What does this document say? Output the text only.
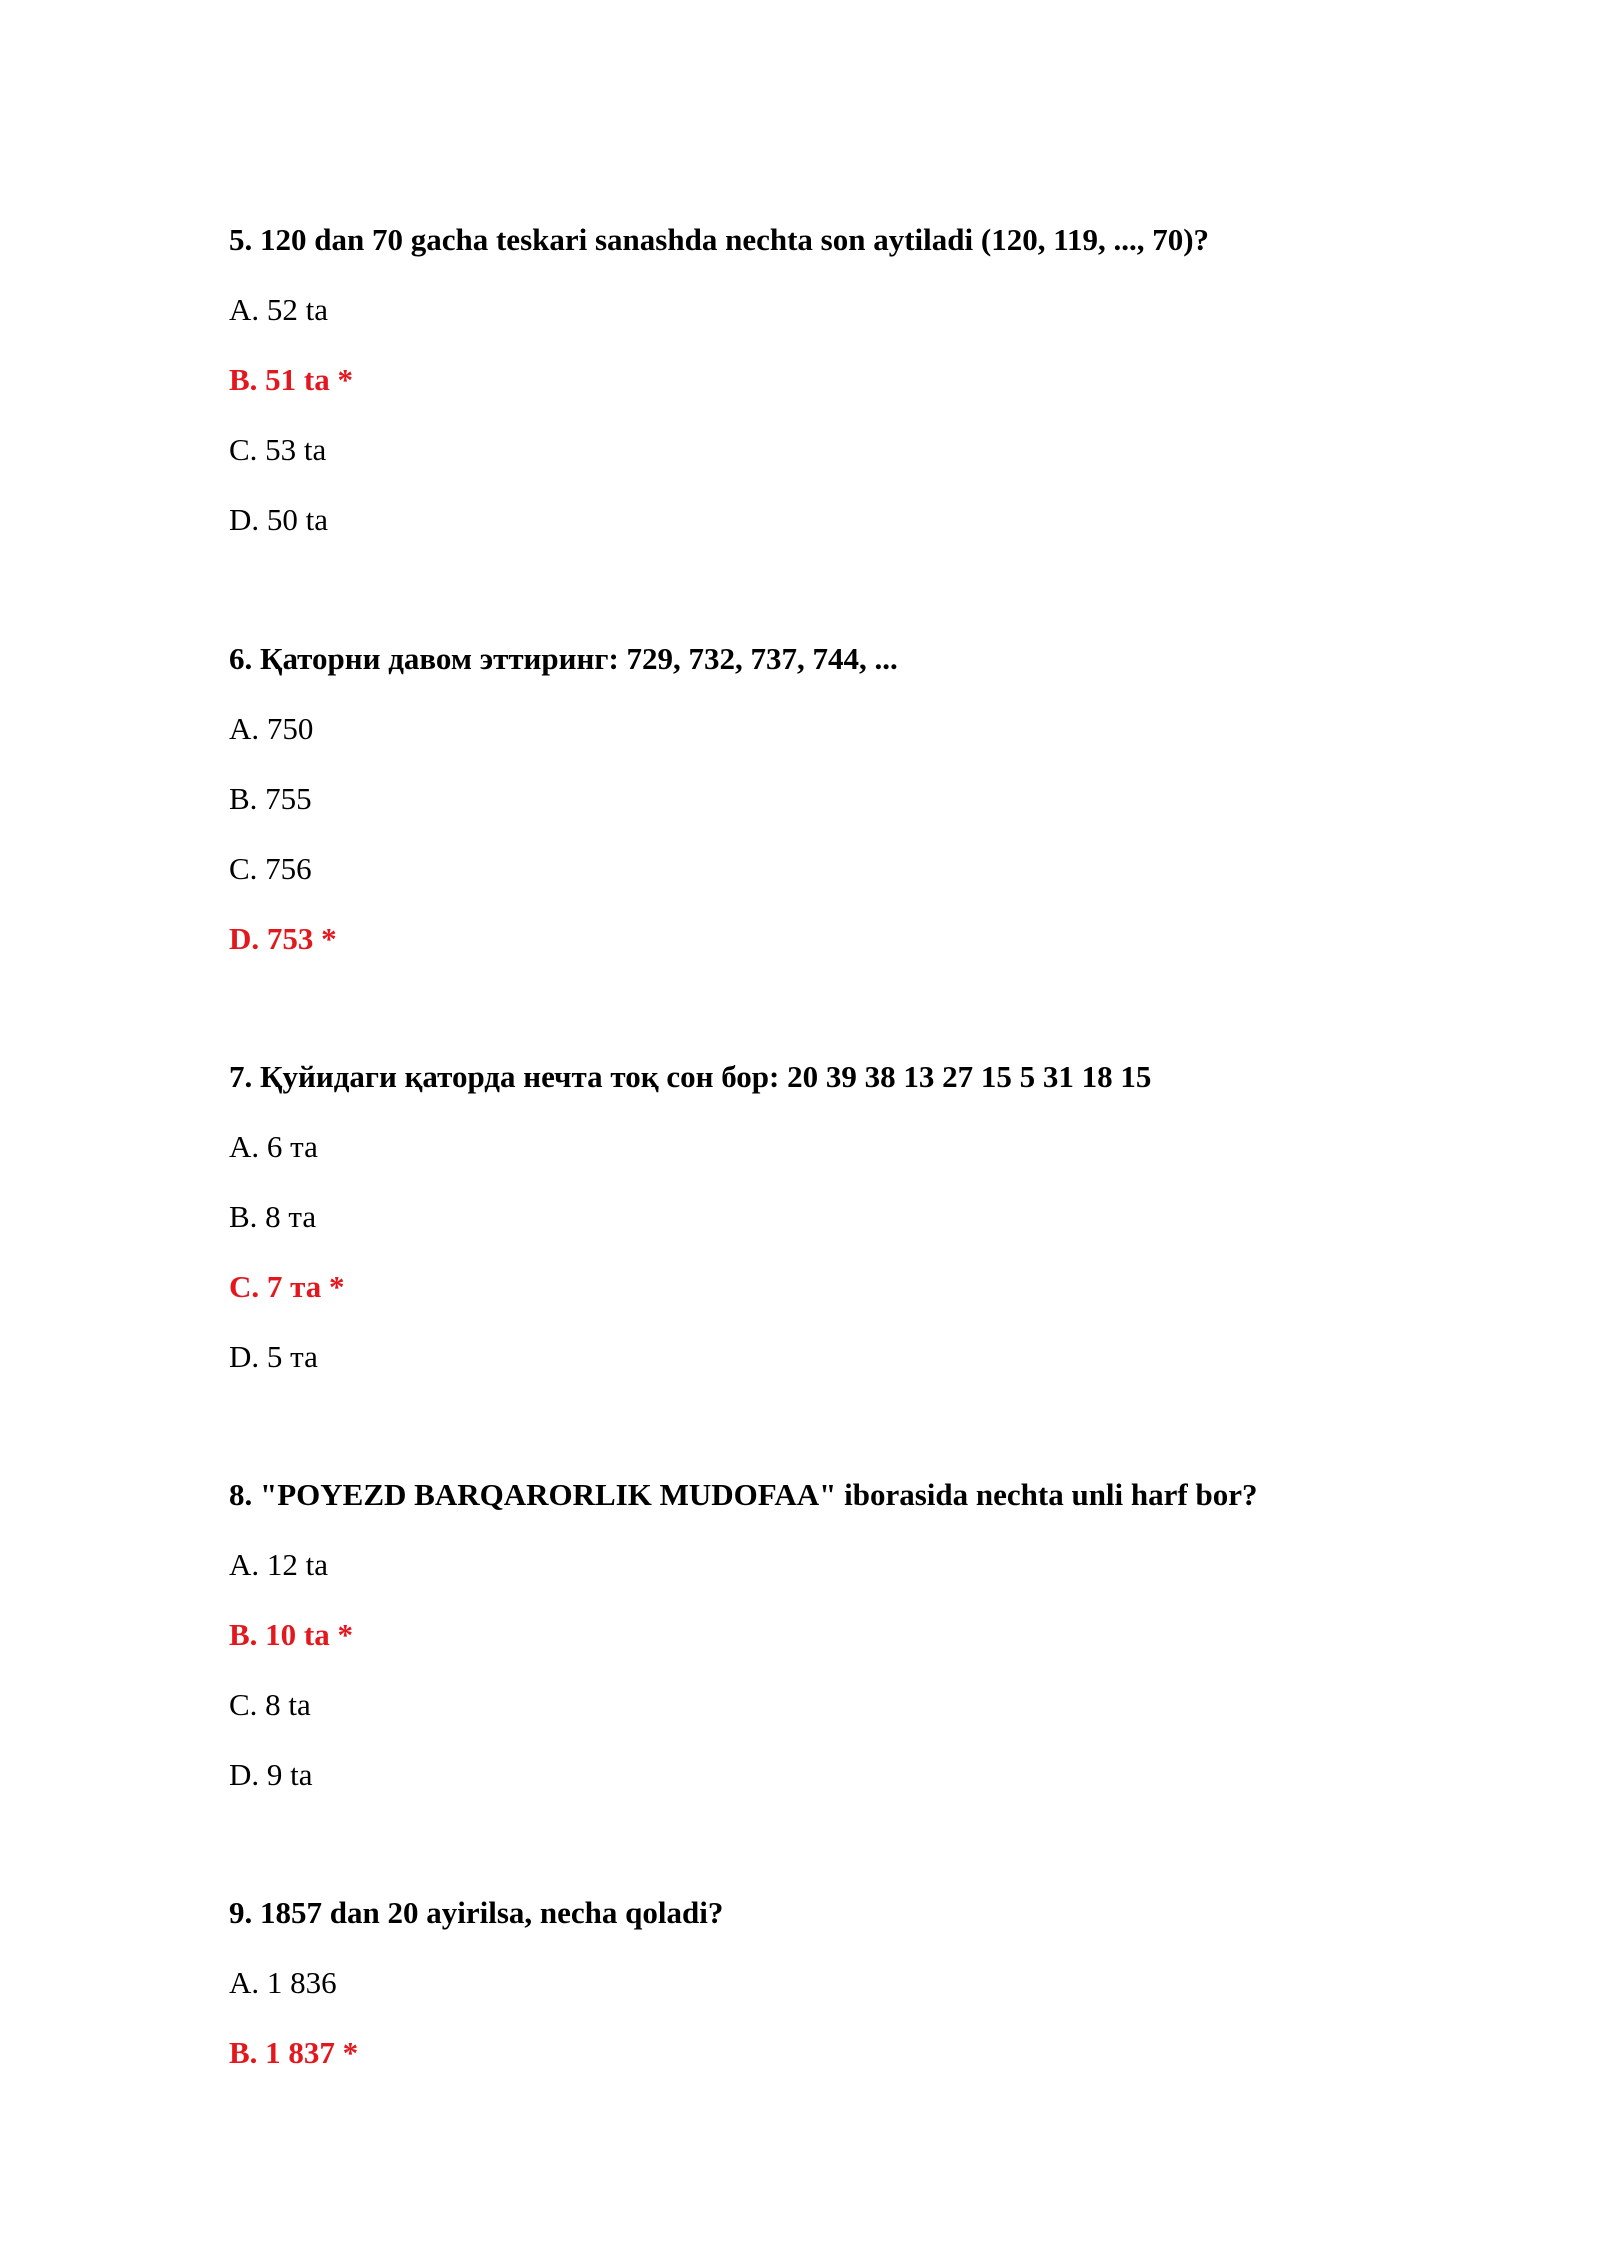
5. 120 dan 70 gacha teskari sanashda nechta son aytiladi (120, 119, ..., 70)?

A. 52 ta

B. 51 ta *

C. 53 ta

D. 50 ta

6. Қаторни давом эттиринг: 729, 732, 737, 744, ...

A. 750

B. 755

C. 756

D. 753 *

7. Қуйидаги қаторда нечта тоқ сон бор: 20 39 38 13 27 15 5 31 18 15

A. 6 та

B. 8 та

C. 7 та *

D. 5 та

8. "POYEZD BARQARORLIK MUDOFAA" iborasida nechta unli harf bor?

A. 12 ta

B. 10 ta *

C. 8 ta

D. 9 ta

9. 1857 dan 20 ayirilsa, necha qoladi?

A. 1 836

B. 1 837 *
